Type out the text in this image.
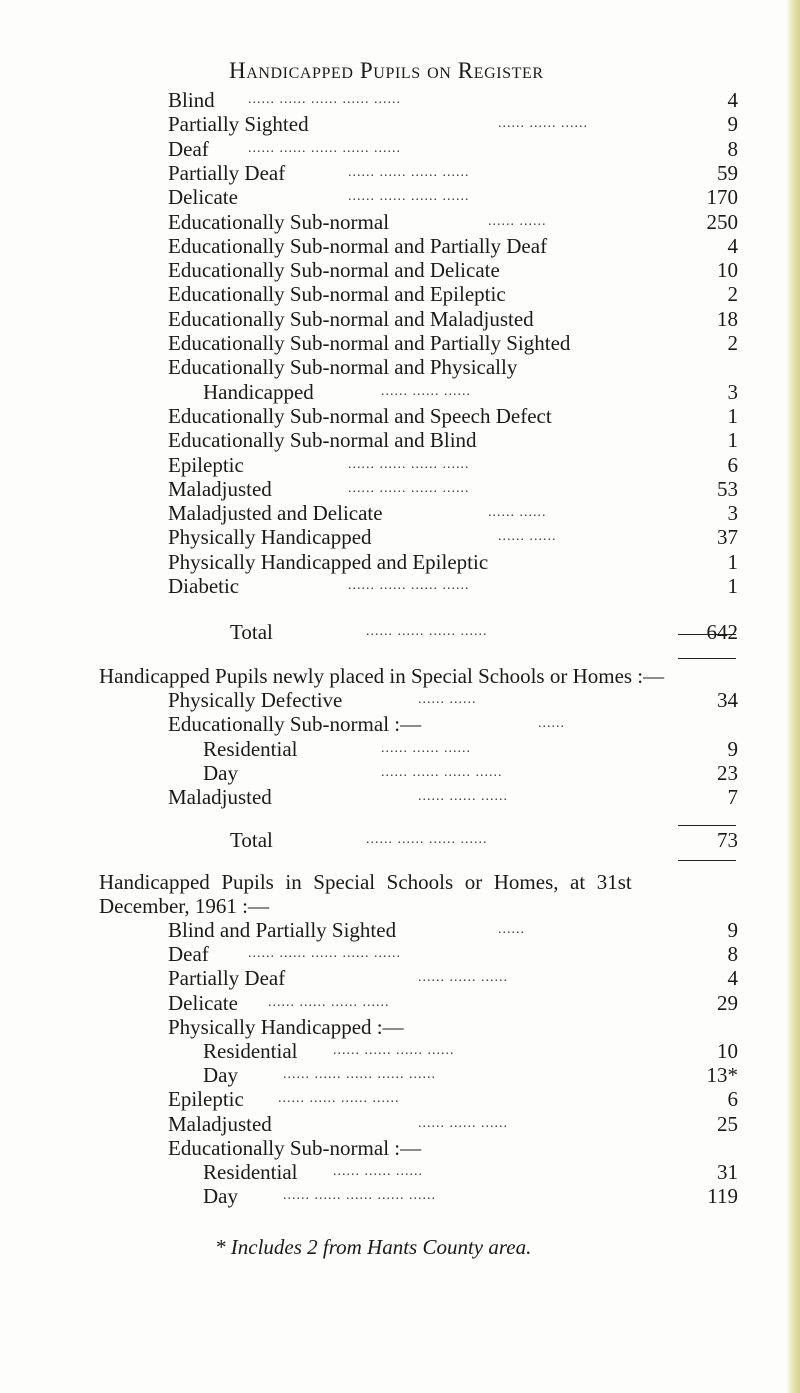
Handicapped Pupils on Register
Blind ...... ...... ...... ...... ......	4
Partially Sighted	...... ...... ......	9
Deaf	...... ...... ...... ...... ......	8
Partially Deaf	...... ...... ...... ......	59
Delicate	...... ...... ...... ......	170
Educationally Sub-normal	...... ......	250
Educationally Sub-normal and Partially Deaf	4
Educationally Sub-normal and Delicate	10
Educationally Sub-normal and Epileptic	2
Educationally Sub-normal and Maladjusted	18
Educationally Sub-normal and Partially Sighted	2
Educationally Sub-normal and Physically
Handicapped	...... ...... ......	3
Educationally Sub-normal and Speech Defect	1
Educationally Sub-normal and Blind	1
Epileptic	...... ...... ...... ......	6
Maladjusted	...... ...... ...... ......	53
Maladjusted and Delicate	...... ......	3
Physically Handicapped	...... ......	37
Physically Handicapped and Epileptic	1
Diabetic	...... ...... ...... ......	1
Total	...... ...... ...... ......	642
Handicapped Pupils newly placed in Special Schools or Homes :—
Physically Defective	...... ......	34
Educationally Sub-normal :—	......
Residential	...... ...... ......	9
Day	...... ...... ...... ......	23
Maladjusted	...... ...... ......	7
Total	...... ...... ...... ......	73
Handicapped Pupils in Special Schools or Homes, at 31st
December, 1961 :—
Blind and Partially Sighted	......	9
Deaf	...... ...... ...... ...... ......	8
Partially Deaf	...... ...... ......	4
Delicate ...... ...... ...... ......	29
Physically Handicapped :—
Residential	...... ...... ...... ......	10
Day	...... ...... ...... ...... ......	13*
Epileptic ...... ...... ...... ......	6
Maladjusted	...... ...... ......	25
Educationally Sub-normal :—
Residential	...... ...... ......	31
Day	...... ...... ...... ...... ......	119
* Includes 2 from Hants County area.
